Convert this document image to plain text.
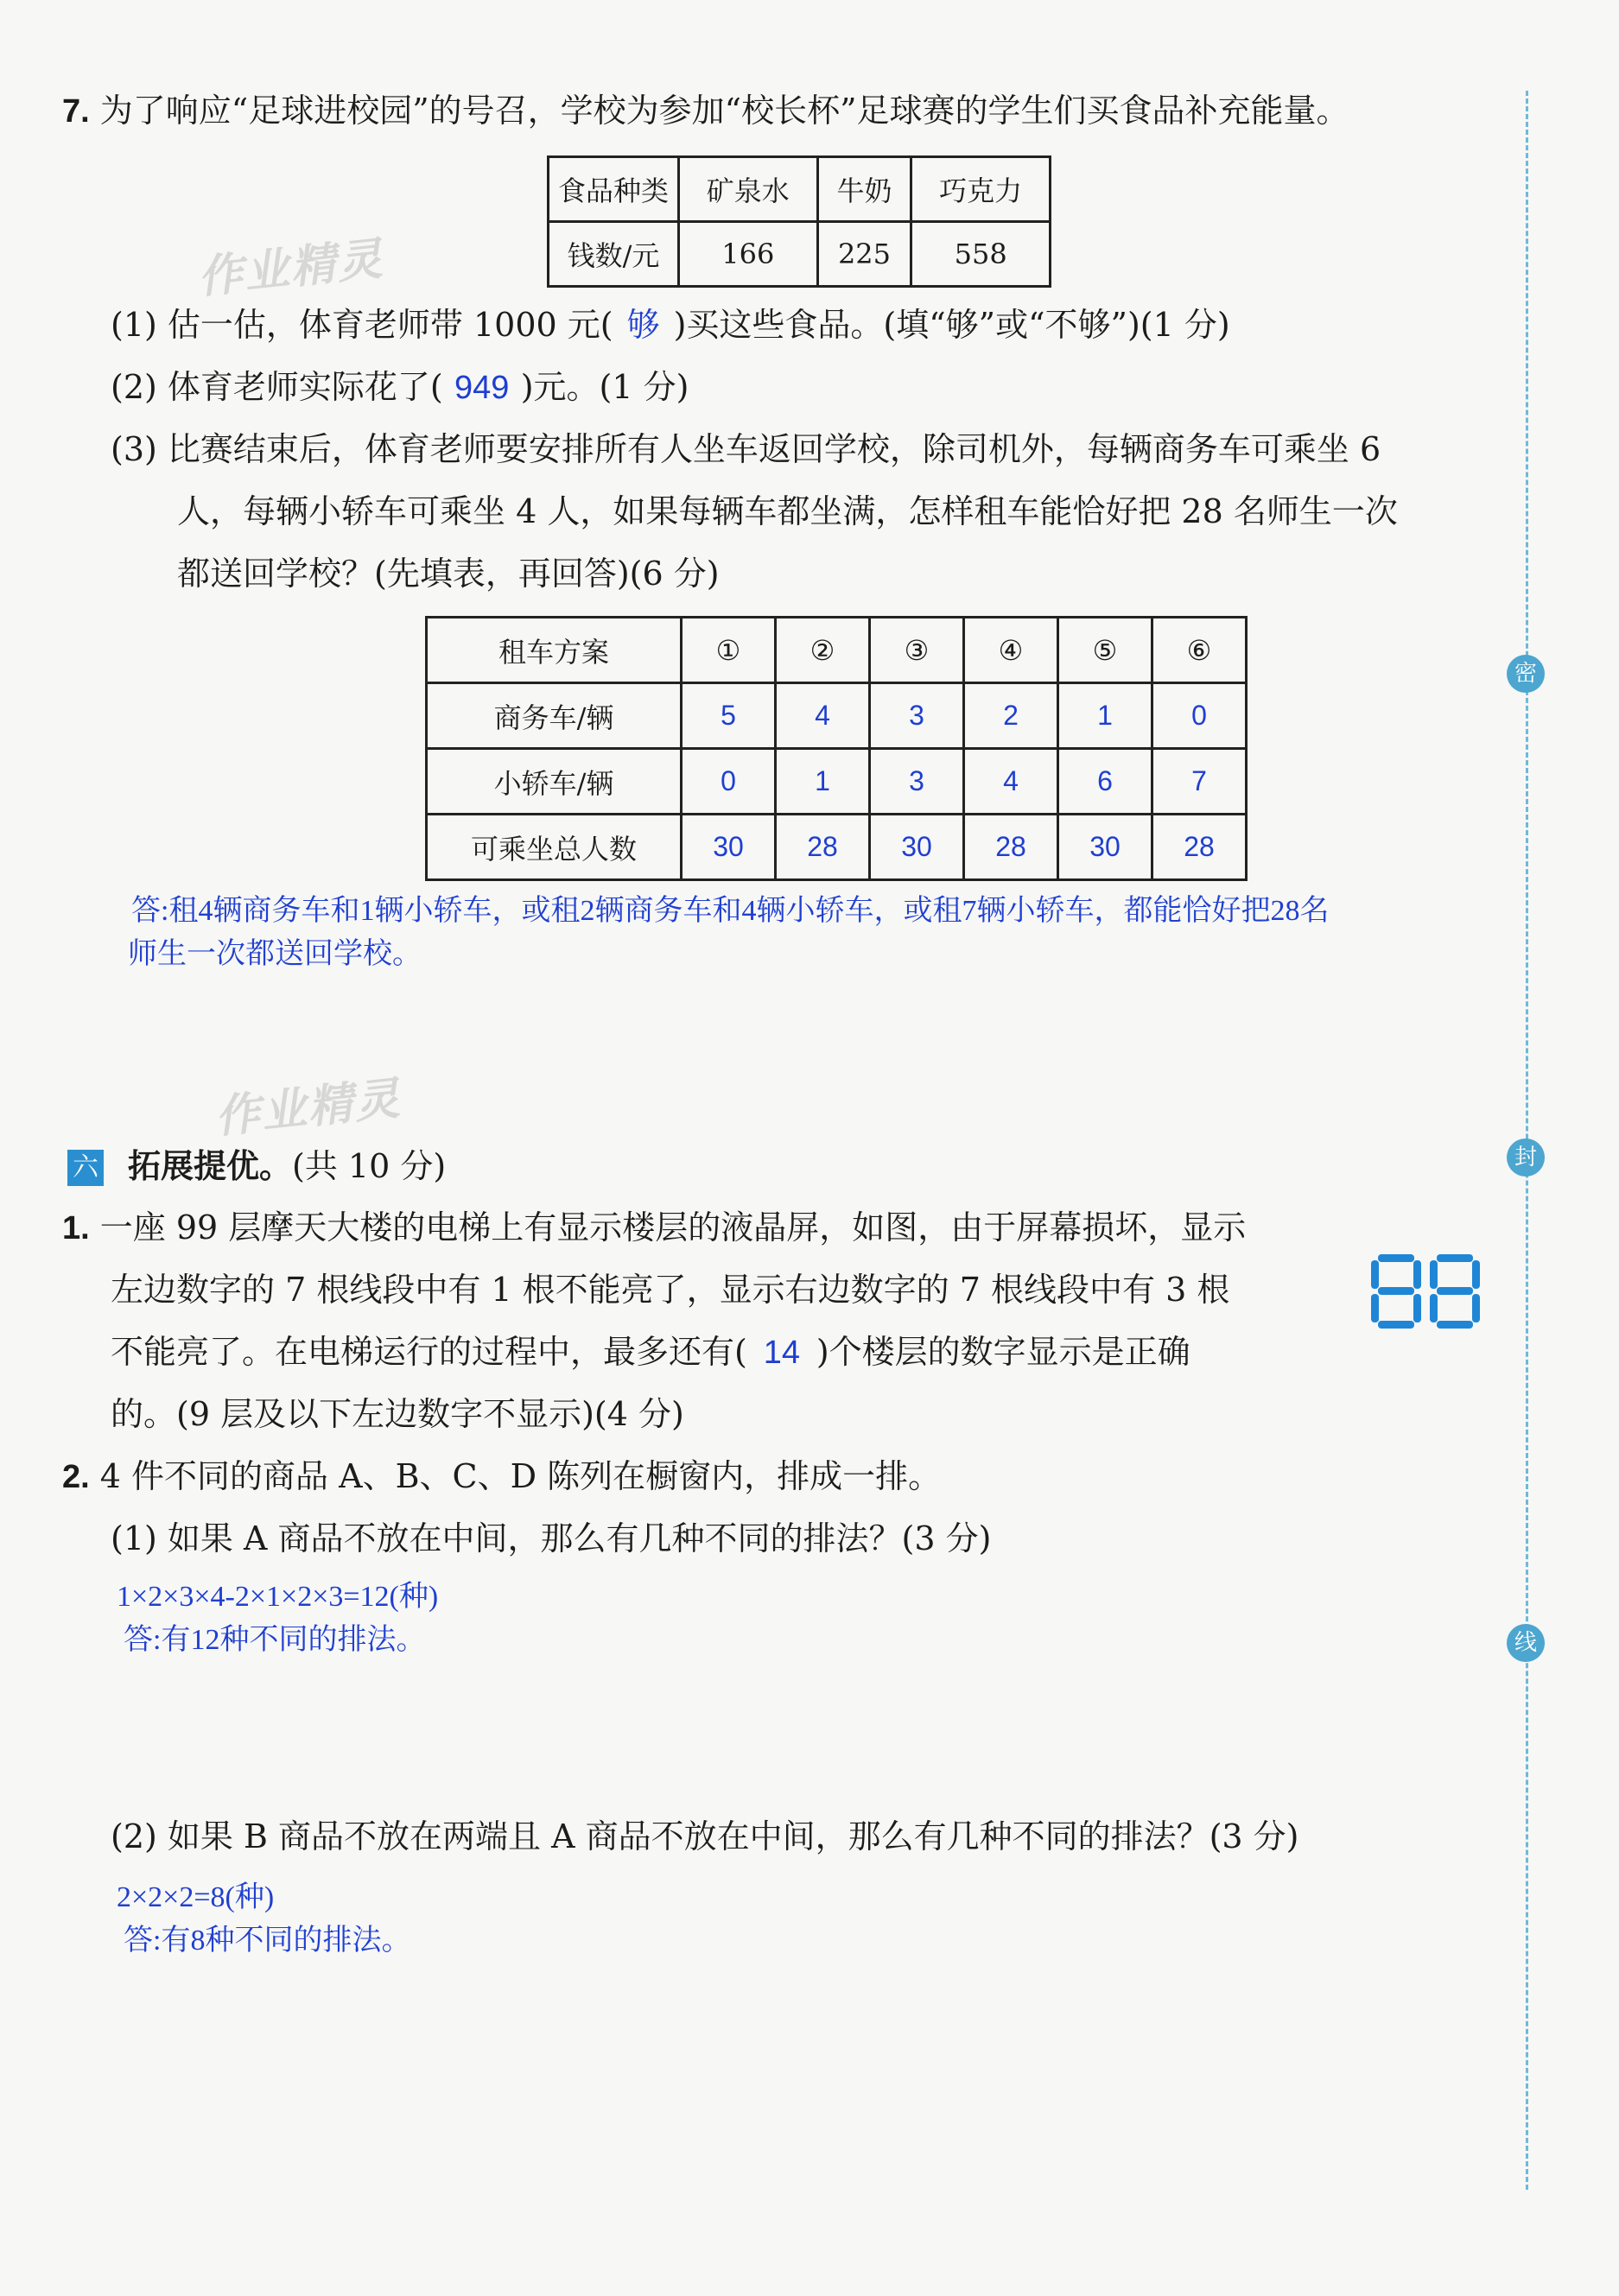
作业精灵
作业精灵
密
封
线
7. 为了响应“足球进校园”的号召，学校为参加“校长杯”足球赛的学生们买食品补充能量。
食品种类	矿泉水	牛奶	巧克力
钱数/元	166	225	558
(1) 估一估，体育老师带 1000 元( 够 )买这些食品。(填“够”或“不够”)(1 分)
(2) 体育老师实际花了( 949 )元。(1 分)
(3) 比赛结束后，体育老师要安排所有人坐车返回学校，除司机外，每辆商务车可乘坐 6
人，每辆小轿车可乘坐 4 人，如果每辆车都坐满，怎样租车能恰好把 28 名师生一次
都送回学校？(先填表，再回答)(6 分)
租车方案	①	②	③	④	⑤	⑥
商务车/辆	5	4	3	2	1	0
小轿车/辆	0	1	3	4	6	7
可乘坐总人数	30	28	30	28	30	28
答:租4辆商务车和1辆小轿车，或租2辆商务车和4辆小轿车，或租7辆小轿车，都能恰好把28名
师生一次都送回学校。
六 拓展提优。(共 10 分)
1. 一座 99 层摩天大楼的电梯上有显示楼层的液晶屏，如图，由于屏幕损坏，显示
左边数字的 7 根线段中有 1 根不能亮了，显示右边数字的 7 根线段中有 3 根
不能亮了。在电梯运行的过程中，最多还有( 14 )个楼层的数字显示是正确
的。(9 层及以下左边数字不显示)(4 分)
2. 4 件不同的商品 A、B、C、D 陈列在橱窗内，排成一排。
(1) 如果 A 商品不放在中间，那么有几种不同的排法？(3 分)
1×2×3×4-2×1×2×3=12(种)
答:有12种不同的排法。
(2) 如果 B 商品不放在两端且 A 商品不放在中间，那么有几种不同的排法？(3 分)
2×2×2=8(种)
答:有8种不同的排法。
